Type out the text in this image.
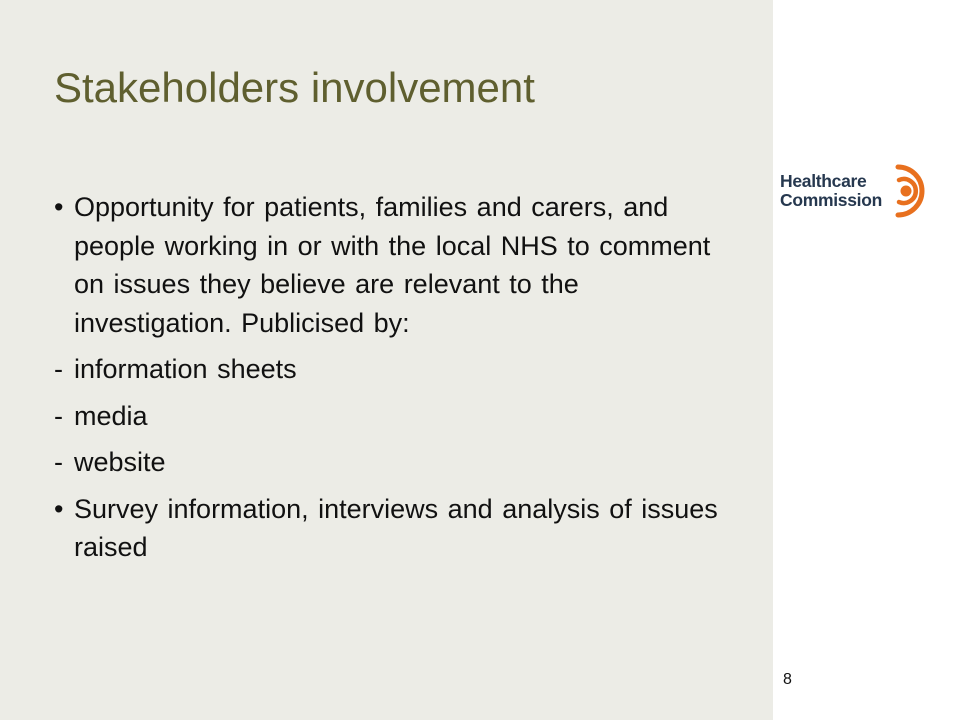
Stakeholders involvement
• Opportunity for patients, families and carers, and people working in or with the local NHS to comment on issues they believe are relevant to the investigation. Publicised by:
- information sheets
- media
- website
• Survey information, interviews and analysis of issues raised
Healthcare
Commission
8
